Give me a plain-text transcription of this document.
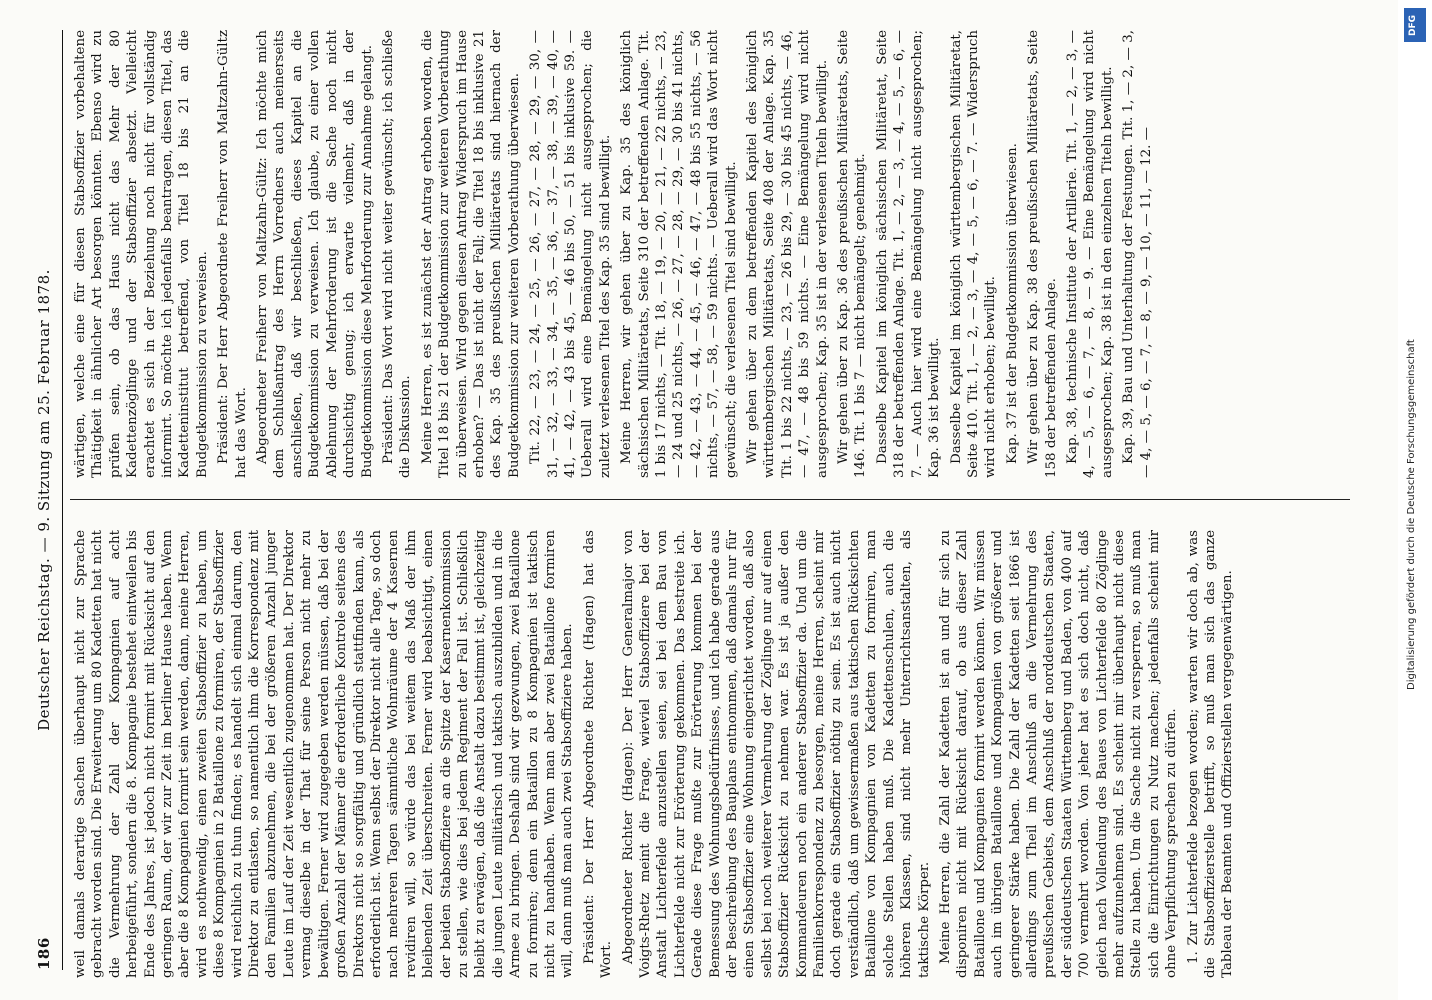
186
Deutscher Reichstag. — 9. Sitzung am 25. Februar 1878.

weil damals derartige Sachen überhaupt nicht zur Sprache gebracht worden sind. Die Erweiterung um 80 Kadetten hat nicht die Vermehrung der Zahl der Kompagnien auf acht herbeigeführt, sondern die 8. Kompagnie bestehet eintweilen bis Ende des Jahres, ist jedoch nicht formirt mit Rücksicht auf den geringen Raum, der wir zur Zeit im berliner Hause haben. Wenn aber die 8 Kompagnien formirt sein werden, dann, meine Herren, wird es nothwendig, einen zweiten Stabsoffizier zu haben, um diese 8 Kompagnien in 2 Bataillone zu formiren, der Stabsoffizier wird reichlich zu thun finden; es handelt sich einmal darum, den Direktor zu entlasten, so namentlich ihm die Korrespondenz mit den Familien abzunehmen, die bei der größeren Anzahl junger Leute im Lauf der Zeit wesentlich zugenommen hat. Der Direktor vermag dieselbe in der That für seine Person nicht mehr zu bewältigen. Ferner wird zugegeben werden müssen, daß bei der großen Anzahl der Männer die erforderliche Kontrole seitens des Direktors nicht so sorgfältig und gründlich stattfinden kann, als erforderlich ist. Wenn selbst der Direktor nicht alle Tage, so doch nach mehreren Tagen sämmtliche Wohnräume der 4 Kasernen revidiren will, so würde das bei weitem das Maß der ihm bleibenden Zeit überschreiten. Ferner wird beabsichtigt, einen der beiden Stabsoffiziere an die Spitze der Kasernenkommission zu stellen, wie dies bei jedem Regiment der Fall ist. Schließlich bleibt zu erwägen, daß die Anstalt dazu bestimmt ist, gleichzeitig die jungen Leute militärisch und taktisch auszubilden und in die Armee zu bringen. Deshalb sind wir gezwungen, zwei Bataillone zu formiren; denn ein Bataillon zu 8 Kompagnien ist taktisch nicht zu handhaben. Wenn man aber zwei Bataillone formiren will, dann muß man auch zwei Stabsoffiziere haben. Präsident: Der Herr Abgeordnete Richter (Hagen) hat das Wort. Abgeordneter Richter (Hagen): Der Herr Generalmajor von Voigts-Rhetz meint die Frage, wieviel Stabsoffiziere bei der Anstalt Lichterfelde anzustellen seien, sei bei dem Bau von Lichterfelde nicht zur Erörterung gekommen. Das bestreite ich. Gerade diese Frage mußte zur Erörterung kommen bei der Bemessung des Wohnungsbedürfnisses, und ich habe gerade aus der Beschreibung des Bauplans entnommen, daß damals nur für einen Stabsoffizier eine Wohnung eingerichtet worden, daß also selbst bei noch weiterer Vermehrung der Zöglinge nur auf einen Stabsoffizier Rücksicht zu nehmen war. Es ist ja außer den Kommandeuren noch ein anderer Stabsoffizier da. Und um die Familienkorrespondenz zu besorgen, meine Herren, scheint mir doch gerade ein Stabsoffizier nöthig zu sein. Es ist auch nicht verständlich, daß um gewissermaßen aus taktischen Rücksichten Bataillone von Kompagnien von Kadetten zu formiren, man solche Stellen haben muß. Die Kadettenschulen, auch die höheren Klassen, sind nicht mehr Unterrichtsanstalten, als taktische Körper. Meine Herren, die Zahl der Kadetten ist an und für sich zu disponiren nicht mit Rücksicht darauf, ob aus dieser Zahl Bataillone und Kompagnien formirt werden können. Wir müssen auch im übrigen Bataillone und Kompagnien von größerer und geringerer Stärke haben. Die Zahl der Kadetten seit 1866 ist allerdings zum Theil im Anschluß an die Vermehrung des preußischen Gebiets, dem Anschluß der norddeutschen Staaten, der süddeutschen Staaten Württemberg und Baden, von 400 auf 700 vermehrt worden. Von jeher hat es sich doch nicht, daß gleich nach Vollendung des Baues von Lichterfelde 80 Zöglinge mehr aufzunehmen sind. Es scheint mir überhaupt nicht diese Stelle zu haben. Um die Sache nicht zu versperren, so muß man sich die Einrichtungen zu Nutz machen; jedenfalls scheint mir ohne Verpflichtung sprechen zu dürfen. 1. Zur Lichterfelde bezogen worden; warten wir doch ab, was die Stabsoffizierstelle betrifft, so muß man sich das ganze Tableau der Beamten und Offizierstellen vergegenwärtigen.

wärtigen, welche eine für diesen Stabsoffizier vorbehaltene Thätigkeit in ähnlicher Art besorgen könnten. Ebenso wird zu prüfen sein, ob das Haus nicht das Mehr der 80 Kadettenzöglinge und der Stabsoffizier absetzt. Vielleicht erachtet es sich in der Beziehung noch nicht für vollständig informirt. So möchte ich jedenfalls beantragen, diesen Titel, das Kadetteninstitut betreffend, von Titel 18 bis 21 an die Budgetkommission zu verweisen. Präsident: Der Herr Abgeordnete Freiherr von Maltzahn-Gültz hat das Wort. Abgeordneter Freiherr von Maltzahn-Gültz: Ich möchte mich dem Schlußantrag des Herrn Vorredners auch meinerseits anschließen, daß wir beschließen, dieses Kapitel an die Budgetkommission zu verweisen. Ich glaube, zu einer vollen Ablehnung der Mehrforderung ist die Sache noch nicht durchsichtig genug; ich erwarte vielmehr, daß in der Budgetkommission diese Mehrforderung zur Annahme gelangt. Präsident: Das Wort wird nicht weiter gewünscht; ich schließe die Diskussion. Meine Herren, es ist zunächst der Antrag erhoben worden, die Titel 18 bis 21 der Budgetkommission zur weiteren Vorberathung zu überweisen. Wird gegen diesen Antrag Widerspruch im Hause erhoben? — Das ist nicht der Fall; die Titel 18 bis inklusive 21 des Kap. 35 des preußischen Militäretats sind hiernach der Budgetkommission zur weiteren Vorberathung überwiesen. Tit. 22, — 23, — 24, — 25, — 26, — 27, — 28, — 29, — 30, — 31, — 32, — 33, — 34, — 35, — 36, — 37, — 38, — 39, — 40, — 41, — 42, — 43 bis 45, — 46 bis 50, — 51 bis inklusive 59. — Ueberall wird eine Bemängelung nicht ausgesprochen; die zuletzt verlesenen Titel des Kap. 35 sind bewilligt. Meine Herren, wir gehen über zu Kap. 35 des königlich sächsischen Militäretats, Seite 310 der betreffenden Anlage. Tit. 1 bis 17 nichts, — Tit. 18, — 19, — 20, — 21, — 22 nichts, — 23, — 24 und 25 nichts, — 26, — 27, — 28, — 29, — 30 bis 41 nichts, — 42, — 43, — 44, — 45, — 46, — 47, — 48 bis 55 nichts, — 56 nichts, — 57, — 58, — 59 nichts. — Ueberall wird das Wort nicht gewünscht; die verlesenen Titel sind bewilligt. Wir gehen über zu dem betreffenden Kapitel des königlich württembergischen Militäretats, Seite 408 der Anlage. Kap. 35 Tit. 1 bis 22 nichts, — 23, — 26 bis 29, — 30 bis 45 nichts, — 46, — 47, — 48 bis 59 nichts. — Eine Bemängelung wird nicht ausgesprochen; Kap. 35 ist in der verlesenen Titeln bewilligt. Wir gehen über zu Kap. 36 des preußischen Militäretats, Seite 146. Tit. 1 bis 7 — nicht bemängelt; genehmigt. Dasselbe Kapitel im königlich sächsischen Militäretat, Seite 318 der betreffenden Anlage. Tit. 1, — 2, — 3, — 4, — 5, — 6, — 7. — Auch hier wird eine Bemängelung nicht ausgesprochen; Kap. 36 ist bewilligt. Dasselbe Kapitel im königlich württembergischen Militäretat, Seite 410. Tit. 1, — 2, — 3, — 4, — 5, — 6, — 7. — Widerspruch wird nicht erhoben; bewilligt. Kap. 37 ist der Budgetkommission überwiesen. Wir gehen über zu Kap. 38 des preußischen Militäretats, Seite 158 der betreffenden Anlage. Kap. 38, technische Institute der Artillerie. Tit. 1, — 2, — 3, — 4, — 5, — 6, — 7, — 8, — 9. — Eine Bemängelung wird nicht ausgesprochen; Kap. 38 ist in den einzelnen Titeln bewilligt. Kap. 39, Bau und Unterhaltung der Festungen. Tit. 1, — 2, — 3, — 4, — 5, — 6, — 7, — 8, — 9, — 10, — 11, — 12. —

DFG
Digitalisierung gefördert durch die Deutsche Forschungsgemeinschaft
